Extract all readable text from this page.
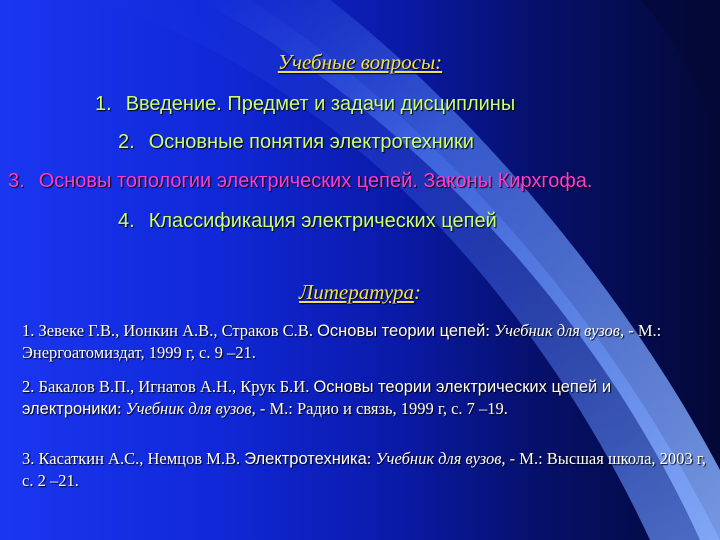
Учебные вопросы:
1. Введение. Предмет и задачи дисциплины
2. Основные понятия электротехники
3. Основы топологии электрических цепей. Законы Кирхгофа.
4. Классификация электрических цепей
Литература:
1. Зевеке Г.В., Ионкин А.В., Страков С.В. Основы теории цепей: Учебник для вузов, - М.: Энергоатомиздат, 1999 г, с. 9 –21.
2. Бакалов В.П., Игнатов А.Н., Крук Б.И. Основы теории электрических цепей и электроники: Учебник для вузов, - М.: Радио и связь, 1999 г, с. 7 –19.
3. Касаткин А.С., Немцов М.В. Электротехника: Учебник для вузов, - М.: Высшая школа, 2003 г, с. 2 –21.
